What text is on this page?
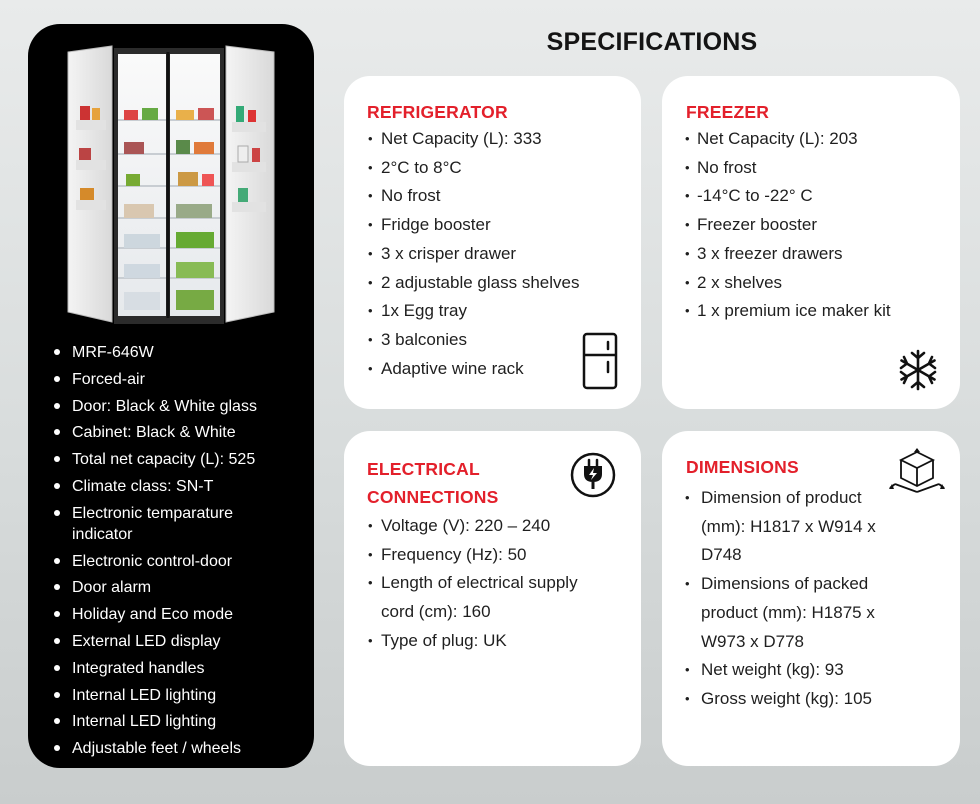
MRF-646W
Forced-air
Door: Black & White glass
Cabinet: Black & White
Total net capacity (L): 525
Climate class: SN-T
Electronic temparature indicator
Electronic control-door
Door alarm
Holiday and Eco mode
External LED display
Integrated handles
Internal LED lighting
Internal LED lighting
Adjustable feet / wheels
SPECIFICATIONS
REFRIGERATOR
• Net Capacity (L): 333
• 2°C to 8°C
• No frost
• Fridge booster
• 3 x crisper drawer
• 2 adjustable glass shelves
• 1x Egg tray
• 3 balconies
• Adaptive wine rack
FREEZER
• Net Capacity (L): 203
• No frost
• -14°C to -22° C
• Freezer booster
• 3 x freezer drawers
• 2 x shelves
• 1 x premium ice maker kit
ELECTRICAL
CONNECTIONS
• Voltage (V): 220 – 240
• Frequency (Hz): 50
• Length of electrical supply cord (cm): 160
• Type of plug: UK
DIMENSIONS
• Dimension of product (mm): H1817 x W914 x D748
• Dimensions of packed product (mm): H1875 x W973 x D778
• Net weight (kg): 93
• Gross weight (kg): 105
